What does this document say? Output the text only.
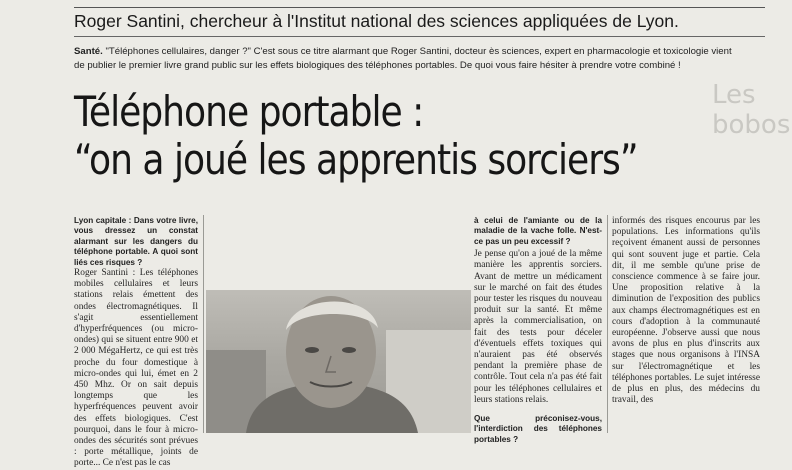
Roger Santini, chercheur à l'Institut national des sciences appliquées de Lyon.
Santé. "Téléphones cellulaires, danger ?" C'est sous ce titre alarmant que Roger Santini, docteur ès sciences, expert en pharmacologie et toxicologie vient de publier le premier livre grand public sur les effets biologiques des téléphones portables. De quoi vous faire hésiter à prendre votre combiné !
Téléphone portable :
“on a joué les apprentis sorciers”
Les bobos

Lyon capitale : Dans votre livre, vous dressez un constat alarmant sur les dangers du téléphone portable. A quoi sont liés ces risques ?

Roger Santini : Les téléphones mobiles cellulaires et leurs stations relais émettent des ondes électromagnétiques. Il s'agit essentiellement d'hyperfréquences (ou micro-ondes) qui se situent entre 900 et 2 000 MégaHertz, ce qui est très proche du four domestique à micro-ondes qui lui, émet en 2 450 Mhz. Or on sait depuis longtemps que les hyperfréquences peuvent avoir des effets biologiques. C'est pourquoi, dans le four à micro-ondes des sécurités sont prévues : porte métallique, joints de porte... Ce n'est pas le cas

à celui de l'amiante ou de la maladie de la vache folle. N'est-ce pas un peu excessif ?

Je pense qu'on a joué de la même manière les apprentis sorciers. Avant de mettre un médicament sur le marché on fait des études pour tester les risques du nouveau produit sur la santé. Et même après la commercialisation, on fait des tests pour déceler d'éventuels effets toxiques qui n'auraient pas été observés pendant la première phase de contrôle. Tout cela n'a pas été fait pour les téléphones cellulaires et leurs stations relais.

Que préconisez-vous, l'interdiction des téléphones portables ?

informés des risques encourus par les populations. Les informations qu'ils reçoivent émanent aussi de personnes qui sont souvent juge et partie. Cela dit, il me semble qu'une prise de conscience commence à se faire jour. Une proposition relative à la diminution de l'exposition des publics aux champs électromagnétiques est en cours d'adoption à la communauté européenne. J'observe aussi que nous avons de plus en plus d'inscrits aux stages que nous organisons à l'INSA sur l'électromagnétique et les téléphones portables. Le sujet intéresse de plus en plus, des médecins du travail, des
